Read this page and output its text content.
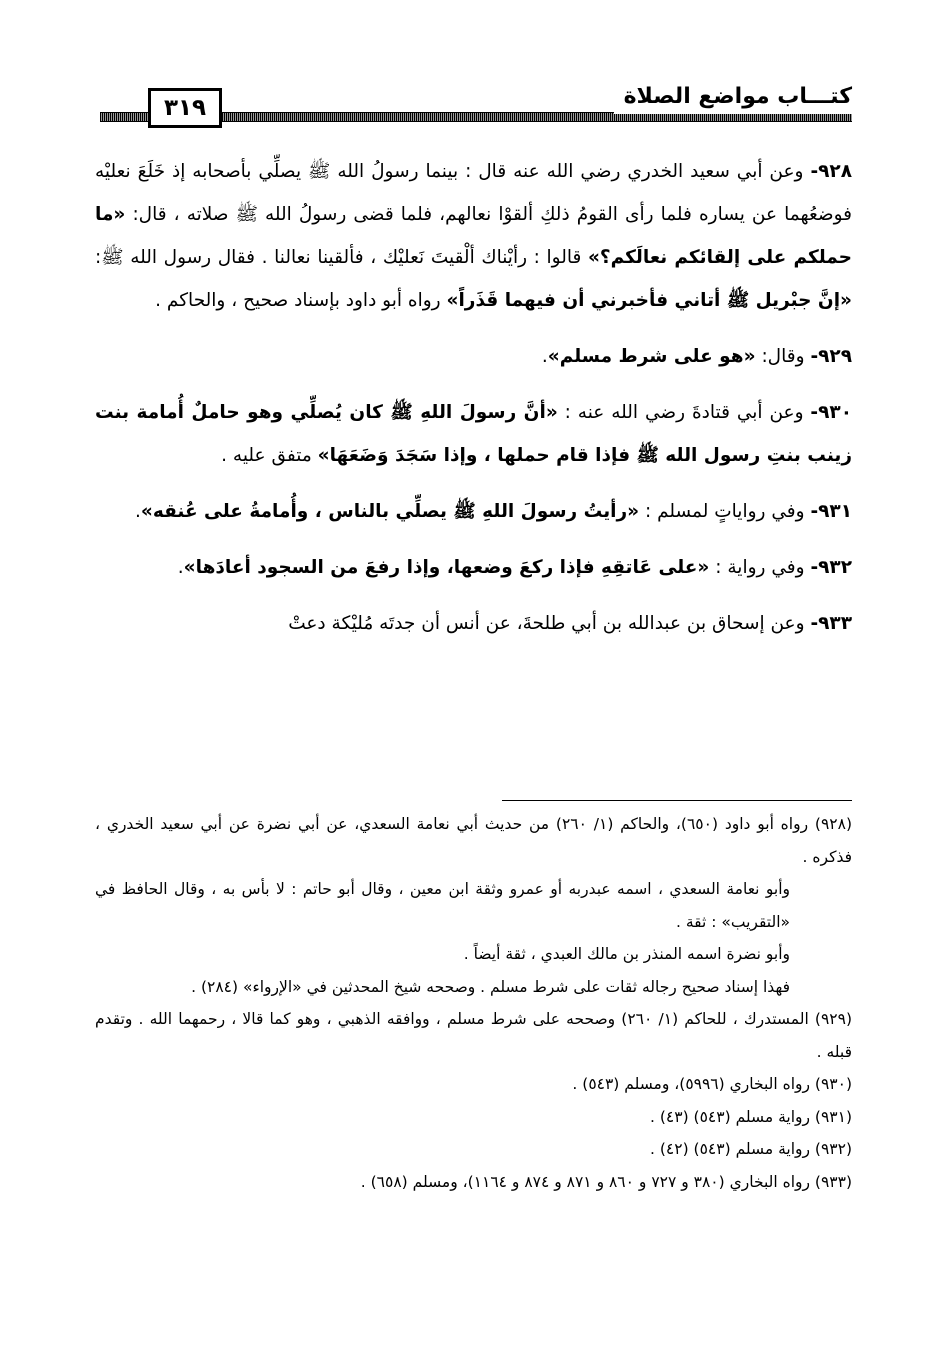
٣١٩	كتـــاب مواضع الصلاة

٩٢٨- وعن أبي سعيد الخدري رضي الله عنه قال : بينما رسولُ الله ﷺ يصلِّي بأصحابه إذ خَلَعَ نعليْه فوضعُهما عن يساره فلما رأى القومُ ذلكِ ألقوْا نعالهم، فلما قضى رسولُ الله ﷺ صلاته ، قال: «ما حملكم على إلقائكم نعالَكم؟» قالوا : رأيْناك ألْقيتَ نَعليْك ، فألقينا نعالنا . فقال رسول الله ﷺ: «إنَّ جبْريل ﷺ أتاني فأخبرني أن فيهما قَذَراً» رواه أبو داود بإسناد صحيح ، والحاكم .

٩٢٩- وقال: «هو على شرط مسلم».

٩٣٠- وعن أبي قتادةَ رضي الله عنه : «أنَّ رسولَ اللهِ ﷺ كان يُصلِّي وهو حاملٌ أُمامة بنت زينب بنتِ رسول الله ﷺ فإذا قام حملها ، وإذا سَجَدَ وَضَعَهَا» متفق عليه .

٩٣١- وفي رواياتٍ لمسلم : «رأيتُ رسولَ اللهِ ﷺ يصلِّي بالناس ، وأُمامةُ على عُنقه».

٩٣٢- وفي رواية : «على عَاتقِهِ فإذا ركعَ وضعها، وإذا رفعَ من السجود أعادَها».

٩٣٣- وعن إسحاق بن عبدالله بن أبي طلحةَ، عن أنس أن جدتَه مُليْكة دعتْ

(٩٢٨) رواه أبو داود (٦٥٠)، والحاكم (١/ ٢٦٠) من حديث أبي نعامة السعدي، عن أبي نضرة عن أبي سعيد الخدري ، فذكره .

وأبو نعامة السعدي ، اسمه عبدربه أو عمرو وثقة ابن معين ، وقال أبو حاتم : لا بأس به ، وقال الحافظ في «التقريب» : ثقة .

وأبو نضرة اسمه المنذر بن مالك العبدي ، ثقة أيضاً .

فهذا إسناد صحيح رجاله ثقات على شرط مسلم . وصححه شيخ المحدثين في «الإرواء» (٢٨٤) .

(٩٢٩) المستدرك ، للحاكم (١/ ٢٦٠) وصححه على شرط مسلم ، ووافقه الذهبي ، وهو كما قالا ، رحمهما الله . وتقدم قبله .

(٩٣٠) رواه البخاري (٥٩٩٦)، ومسلم (٥٤٣) .

(٩٣١) رواية مسلم (٥٤٣) (٤٣) .

(٩٣٢) رواية مسلم (٥٤٣) (٤٢) .

(٩٣٣) رواه البخاري (٣٨٠ و ٧٢٧ و ٨٦٠ و ٨٧١ و ٨٧٤ و ١١٦٤)، ومسلم (٦٥٨) .
